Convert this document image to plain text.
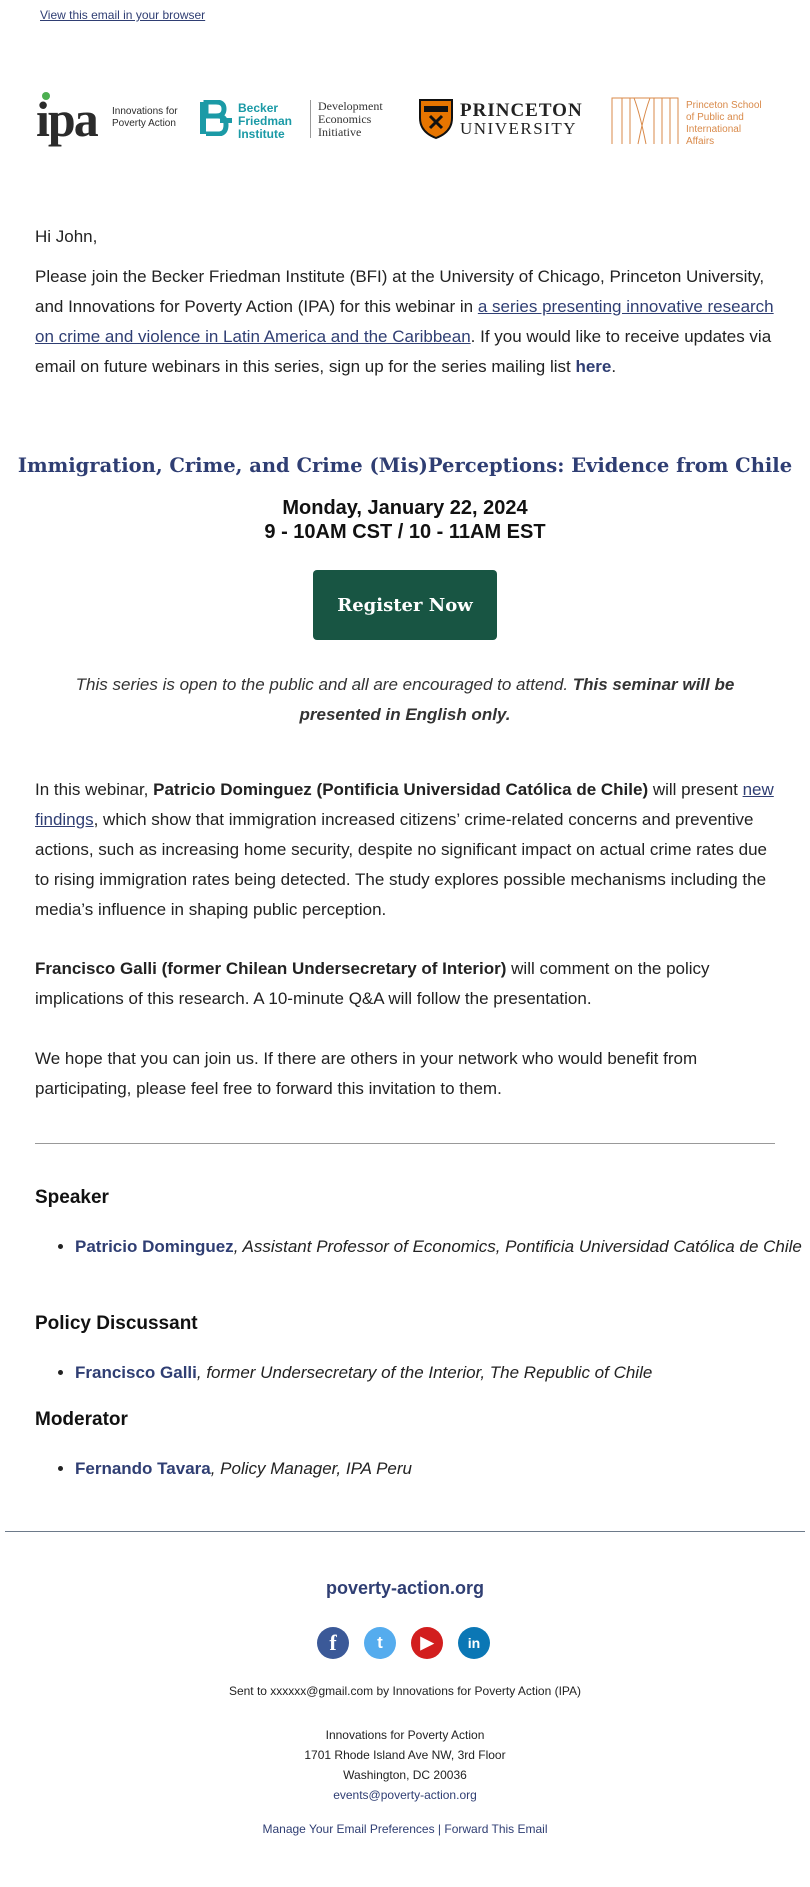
View this email in your browser
ipa Innovations for
Poverty Action
Becker
Friedman
Institute
Development
Economics
Initiative
PRINCETON
UNIVERSITY
Princeton School
of Public and
International Affairs

Hi John,

Please join the Becker Friedman Institute (BFI) at the University of Chicago, Princeton University, and Innovations for Poverty Action (IPA) for this webinar in a series presenting innovative research on crime and violence in Latin America and the Caribbean. If you would like to receive updates via email on future webinars in this series, sign up for the series mailing list here.

Immigration, Crime, and Crime (Mis)Perceptions: Evidence from Chile
Monday, January 22, 2024
9 - 10AM CST / 10 - 11AM EST
Register Now
This series is open to the public and all are encouraged to attend. This seminar will be presented in English only.

In this webinar, Patricio Dominguez (Pontificia Universidad Católica de Chile) will present new findings, which show that immigration increased citizens’ crime-related concerns and preventive actions, such as increasing home security, despite no significant impact on actual crime rates due to rising immigration rates being detected. The study explores possible mechanisms including the media’s influence in shaping public perception.

Francisco Galli (former Chilean Undersecretary of Interior) will comment on the policy implications of this research. A 10-minute Q&A will follow the presentation.

We hope that you can join us. If there are others in your network who would benefit from participating, please feel free to forward this invitation to them.

Speaker
• Patricio Dominguez, Assistant Professor of Economics, Pontificia Universidad Católica de Chile
Policy Discussant
• Francisco Galli, former Undersecretary of the Interior, The Republic of Chile
Moderator
• Fernando Tavara, Policy Manager, IPA Peru
poverty-action.org
f	t	▶	in
Sent to xxxxxx@gmail.com by Innovations for Poverty Action (IPA)
Innovations for Poverty Action
1701 Rhode Island Ave NW, 3rd Floor
Washington, DC 20036
events@poverty-action.org
Manage Your Email Preferences | Forward This Email
